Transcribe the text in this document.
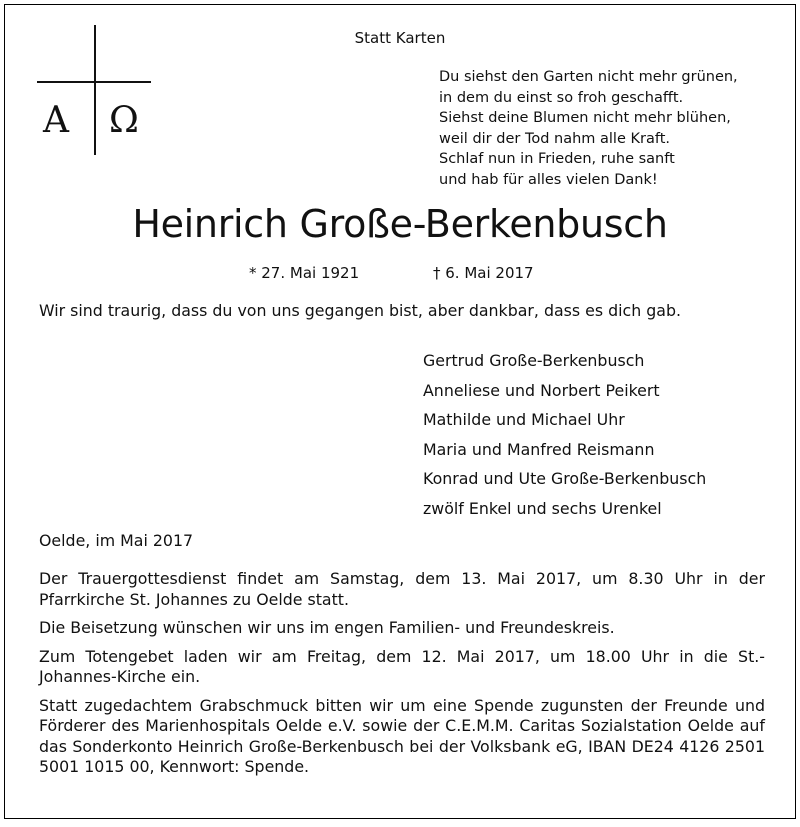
Statt Karten
A Ω
Du siehst den Garten nicht mehr grünen,
in dem du einst so froh geschafft.
Siehst deine Blumen nicht mehr blühen,
weil dir der Tod nahm alle Kraft.
Schlaf nun in Frieden, ruhe sanft
und hab für alles vielen Dank!
Heinrich Große-Berkenbusch
* 27. Mai 1921	† 6. Mai 2017
Wir sind traurig, dass du von uns gegangen bist, aber dankbar, dass es dich gab.
Gertrud Große-Berkenbusch
Anneliese und Norbert Peikert
Mathilde und Michael Uhr
Maria und Manfred Reismann
Konrad und Ute Große-Berkenbusch
zwölf Enkel und sechs Urenkel
Oelde, im Mai 2017

Der Trauergottesdienst findet am Samstag, dem 13. Mai 2017, um 8.30 Uhr in der Pfarrkirche St. Johannes zu Oelde statt.

Die Beisetzung wünschen wir uns im engen Familien- und Freundeskreis.

Zum Totengebet laden wir am Freitag, dem 12. Mai 2017, um 18.00 Uhr in die St.-Johannes-Kirche ein.

Statt zugedachtem Grabschmuck bitten wir um eine Spende zugunsten der Freunde und Förderer des Marienhospitals Oelde e.V. sowie der C.E.M.M. Caritas Sozialstation Oelde auf das Sonderkonto Heinrich Große-Berkenbusch bei der Volksbank eG, IBAN DE24 4126 2501 5001 1015 00, Kennwort: Spende.
